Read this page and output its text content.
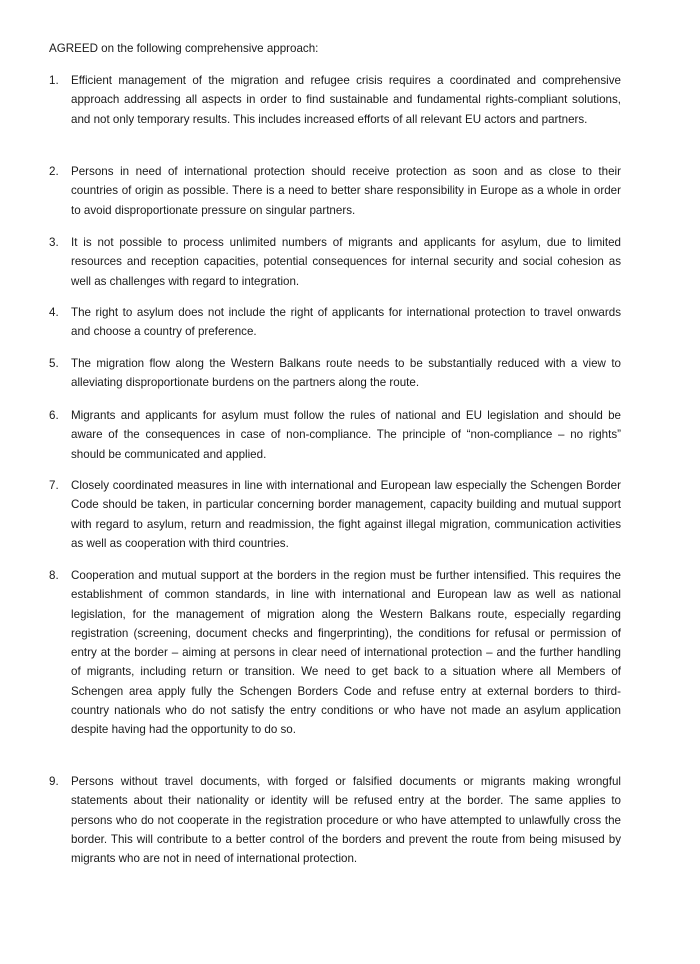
AGREED on the following comprehensive approach:

1.	Efficient management of the migration and refugee crisis requires a coordinated and comprehensive approach addressing all aspects in order to find sustainable and fundamental rights-compliant solutions, and not only temporary results. This includes increased efforts of all relevant EU actors and partners.

2.	Persons in need of international protection should receive protection as soon and as close to their countries of origin as possible. There is a need to better share responsibility in Europe as a whole in order to avoid disproportionate pressure on singular partners.

3.	It is not possible to process unlimited numbers of migrants and applicants for asylum, due to limited resources and reception capacities, potential consequences for internal security and social cohesion as well as challenges with regard to integration.

4.	The right to asylum does not include the right of applicants for international protection to travel onwards and choose a country of preference.

5.	The migration flow along the Western Balkans route needs to be substantially reduced with a view to alleviating disproportionate burdens on the partners along the route.

6.	Migrants and applicants for asylum must follow the rules of national and EU legislation and should be aware of the consequences in case of non-compliance. The principle of “non-compliance – no rights” should be communicated and applied.

7.	Closely coordinated measures in line with international and European law especially the Schengen Border Code should be taken, in particular concerning border management, capacity building and mutual support with regard to asylum, return and readmission, the fight against illegal migration, communication activities as well as cooperation with third countries.

8.	Cooperation and mutual support at the borders in the region must be further intensified. This requires the establishment of common standards, in line with international and European law as well as national legislation, for the management of migration along the Western Balkans route, especially regarding registration (screening, document checks and fingerprinting), the conditions for refusal or permission of entry at the border – aiming at persons in clear need of international protection – and the further handling of migrants, including return or transition. We need to get back to a situation where all Members of Schengen area apply fully the Schengen Borders Code and refuse entry at external borders to third-country nationals who do not satisfy the entry conditions or who have not made an asylum application despite having had the opportunity to do so.

9.	Persons without travel documents, with forged or falsified documents or migrants making wrongful statements about their nationality or identity will be refused entry at the border. The same applies to persons who do not cooperate in the registration procedure or who have attempted to unlawfully cross the border. This will contribute to a better control of the borders and prevent the route from being misused by migrants who are not in need of international protection.
